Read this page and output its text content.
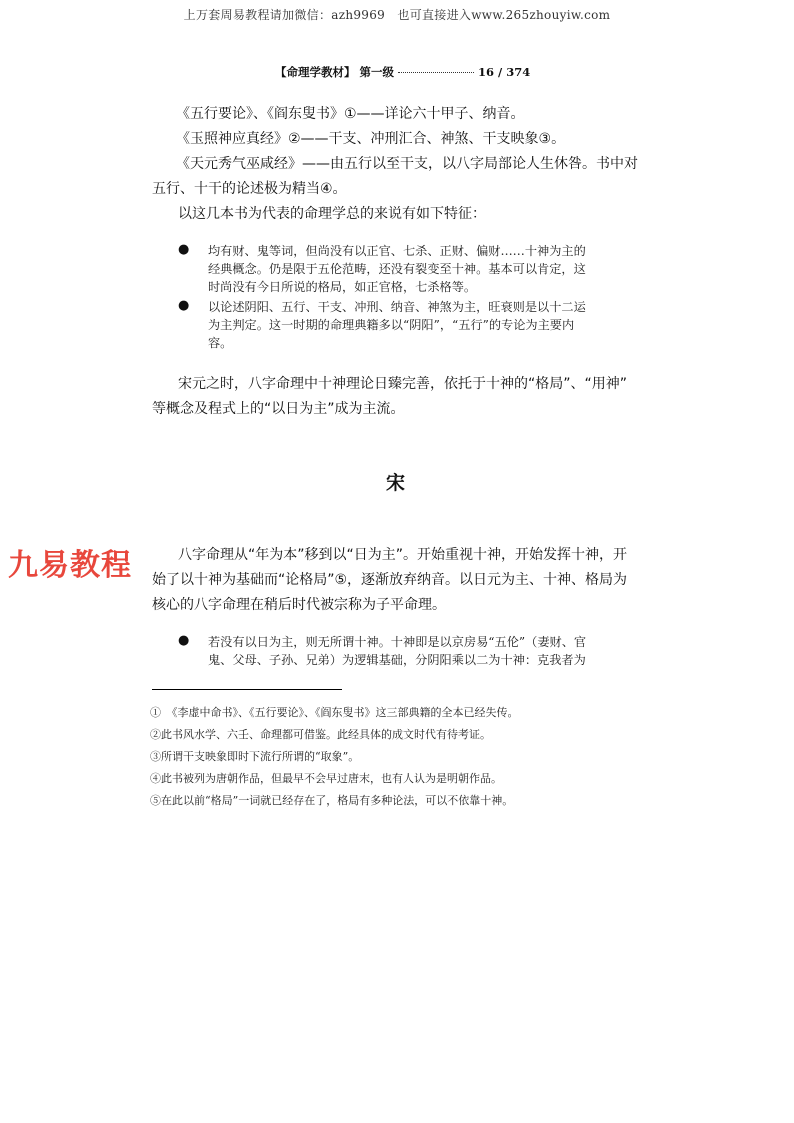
上万套周易教程请加微信：azh9969　也可直接进入www.265zhouyiw.com
【命理学教材】 第一级	16 / 374
《五行要论》、《阎东叟书》①——详论六十甲子、纳音。
《玉照神应真经》②——干支、冲刑汇合、神煞、干支映象③。
《天元秀气巫咸经》——由五行以至干支，以八字局部论人生休咎。书中对
五行、十干的论述极为精当④。
以这几本书为代表的命理学总的来说有如下特征：
● 均有财、鬼等词，但尚没有以正官、七杀、正财、偏财……十神为主的
经典概念。仍是限于五伦范畴，还没有裂变至十神。基本可以肯定，这
时尚没有今日所说的格局，如正官格，七杀格等。
● 以论述阴阳、五行、干支、冲刑、纳音、神煞为主，旺衰则是以十二运
为主判定。这一时期的命理典籍多以“阴阳”，“五行”的专论为主要内
容。
宋元之时，八字命理中十神理论日臻完善，依托于十神的“格局”、“用神”
等概念及程式上的“以日为主”成为主流。
宋
九易教程	八字命理从“年为本”移到以“日为主”。开始重视十神，开始发挥十神，开
始了以十神为基础而“论格局”⑤，逐渐放弃纳音。以日元为主、十神、格局为
核心的八字命理在稍后时代被宗称为子平命理。
● 若没有以日为主，则无所谓十神。十神即是以京房易“五伦”（妻财、官
鬼、父母、子孙、兄弟）为逻辑基础，分阴阳乘以二为十神：克我者为
①　《李虚中命书》、《五行要论》、《阎东叟书》这三部典籍的全本已经失传。
②此书风水学、六壬、命理都可借鉴。此经具体的成文时代有待考证。
③所谓干支映象即时下流行所谓的“取象”。
④此书被列为唐朝作品，但最早不会早过唐末，也有人认为是明朝作品。
⑤在此以前“格局”一词就已经存在了，格局有多种论法，可以不依靠十神。
